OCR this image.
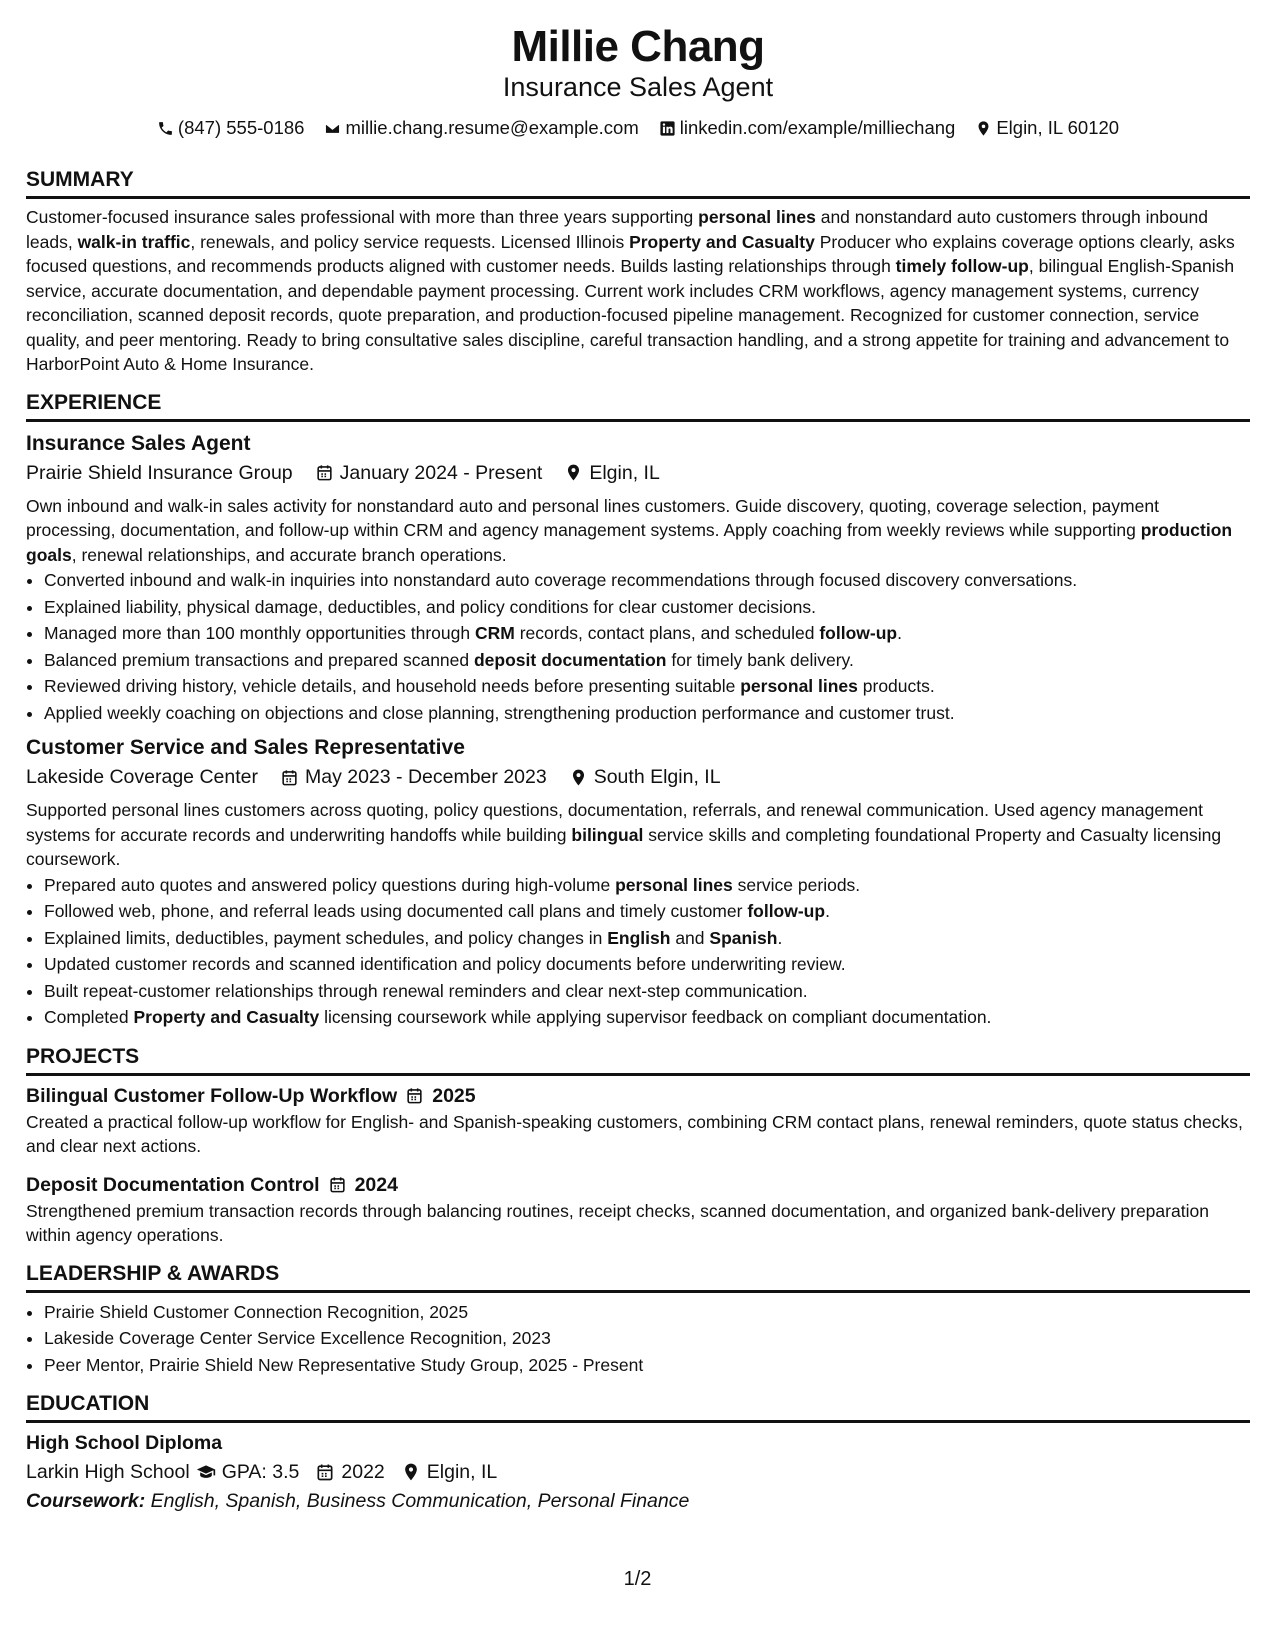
Millie Chang
Insurance Sales Agent
(847) 555-0186 millie.chang.resume@example.com linkedin.com/example/milliechang Elgin, IL 60120
SUMMARY

Customer-focused insurance sales professional with more than three years supporting personal lines and nonstandard auto customers through inbound leads, walk-in traffic, renewals, and policy service requests. Licensed Illinois Property and Casualty Producer who explains coverage options clearly, asks focused questions, and recommends products aligned with customer needs. Builds lasting relationships through timely follow-up, bilingual English-Spanish service, accurate documentation, and dependable payment processing. Current work includes CRM workflows, agency management systems, currency reconciliation, scanned deposit records, quote preparation, and production-focused pipeline management. Recognized for customer connection, service quality, and peer mentoring. Ready to bring consultative sales discipline, careful transaction handling, and a strong appetite for training and advancement to HarborPoint Auto & Home Insurance.

EXPERIENCE
Insurance Sales Agent
Prairie Shield Insurance Group January 2024 - Present Elgin, IL

Own inbound and walk-in sales activity for nonstandard auto and personal lines customers. Guide discovery, quoting, coverage selection, payment processing, documentation, and follow-up within CRM and agency management systems. Apply coaching from weekly reviews while supporting production goals, renewal relationships, and accurate branch operations.

• Converted inbound and walk-in inquiries into nonstandard auto coverage recommendations through focused discovery conversations.
• Explained liability, physical damage, deductibles, and policy conditions for clear customer decisions.
• Managed more than 100 monthly opportunities through CRM records, contact plans, and scheduled follow-up.
• Balanced premium transactions and prepared scanned deposit documentation for timely bank delivery.
• Reviewed driving history, vehicle details, and household needs before presenting suitable personal lines products.
• Applied weekly coaching on objections and close planning, strengthening production performance and customer trust.
Customer Service and Sales Representative
Lakeside Coverage Center May 2023 - December 2023 South Elgin, IL

Supported personal lines customers across quoting, policy questions, documentation, referrals, and renewal communication. Used agency management systems for accurate records and underwriting handoffs while building bilingual service skills and completing foundational Property and Casualty licensing coursework.

• Prepared auto quotes and answered policy questions during high-volume personal lines service periods.
• Followed web, phone, and referral leads using documented call plans and timely customer follow-up.
• Explained limits, deductibles, payment schedules, and policy changes in English and Spanish.
• Updated customer records and scanned identification and policy documents before underwriting review.
• Built repeat-customer relationships through renewal reminders and clear next-step communication.
• Completed Property and Casualty licensing coursework while applying supervisor feedback on compliant documentation.
PROJECTS
Bilingual Customer Follow-Up Workflow 2025

Created a practical follow-up workflow for English- and Spanish-speaking customers, combining CRM contact plans, renewal reminders, quote status checks, and clear next actions.

Deposit Documentation Control 2024

Strengthened premium transaction records through balancing routines, receipt checks, scanned documentation, and organized bank-delivery preparation within agency operations.

LEADERSHIP & AWARDS
• Prairie Shield Customer Connection Recognition, 2025
• Lakeside Coverage Center Service Excellence Recognition, 2023
• Peer Mentor, Prairie Shield New Representative Study Group, 2025 - Present
EDUCATION
High School Diploma
Larkin High School GPA: 3.5 2022 Elgin, IL
Coursework: English, Spanish, Business Communication, Personal Finance
1/2
